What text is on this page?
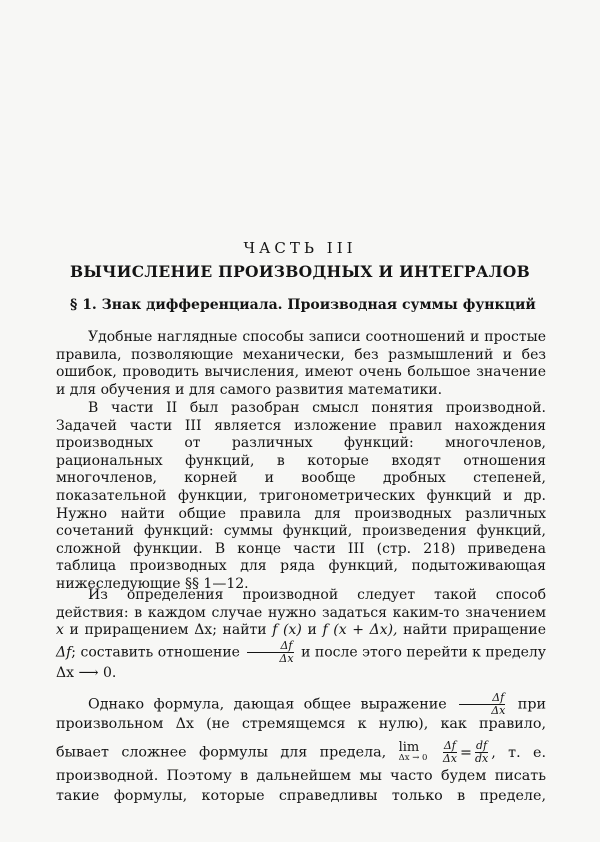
ЧАСТЬ III
ВЫЧИСЛЕНИЕ ПРОИЗВОДНЫХ И ИНТЕГРАЛОВ
§ 1. Знак дифференциала. Производная суммы функций

Удобные наглядные способы записи соотношений и простые правила, позволяющие механически, без размышлений и без ошибок, проводить вычисления, имеют очень большое значение и для обучения и для самого развития математики.

В части II был разобран смысл понятия производной. Задачей части III является изложение правил нахождения производных от различных функций: многочленов, рациональных функций, в которые входят отношения многочленов, корней и вообще дробных степеней, показательной функции, тригонометрических функций и др. Нужно найти общие правила для производных различных сочетаний функций: суммы функций, произведения функций, сложной функции. В конце части III (стр. 218) приведена таблица производных для ряда функций, подытоживающая нижеследующие §§ 1—12.

Из определения производной следует такой способ действия: в каждом случае нужно задаться каким-то значением x и приращением Δx; найти f (x) и f (x + Δx), найти приращение Δf; составить отношение $\frac{\Delta f}{\Delta x}$ и после этого перейти к пределу Δx ⟶ 0.

Однако формула, дающая общее выражение $\frac{\Delta f}{\Delta x}$ при
произвольном Δx (не стремящемся к нулю), как правило,
бывает сложнее формулы для предела, lim
Δx → 0
$\frac{\Delta f}{\Delta x} = \frac{df}{dx}$ , т. е.
производной. Поэтому в дальнейшем мы часто будем писать
такие формулы, которые справедливы только в пределе,
